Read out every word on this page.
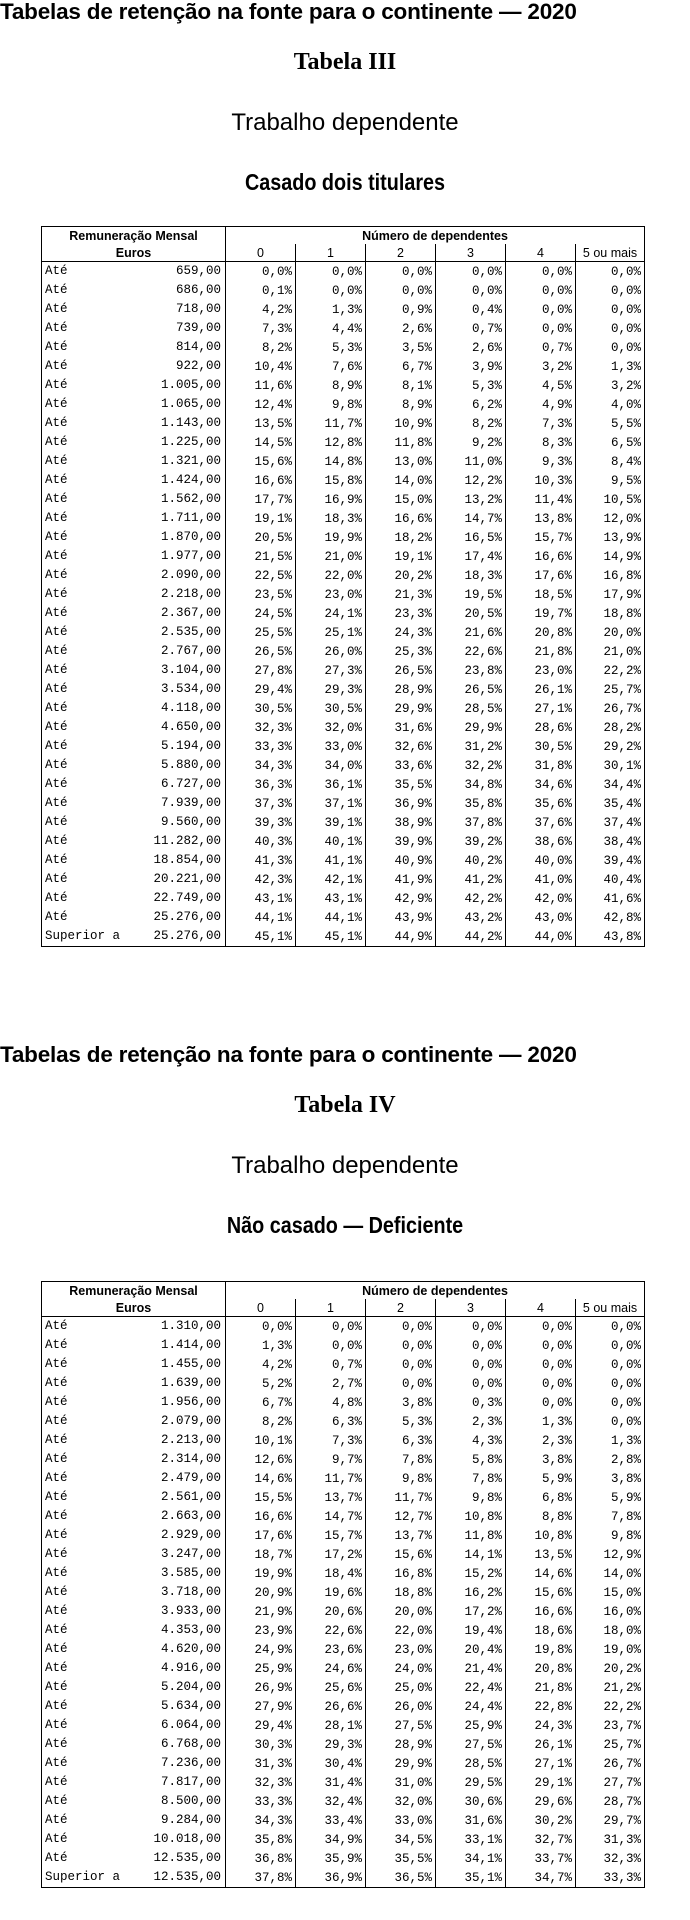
Tabelas de retenção na fonte para o continente — 2020
Tabela III
Trabalho dependente
Casado dois titulares
Remuneração Mensal	Número de dependentes					
Euros	0	1	2	3	4	5 ou mais

Até 659,00	0,0%	0,0%	0,0%	0,0%	0,0%	0,0%

Até 686,00	0,1%	0,0%	0,0%	0,0%	0,0%	0,0%

Até 718,00	4,2%	1,3%	0,9%	0,4%	0,0%	0,0%

Até 739,00	7,3%	4,4%	2,6%	0,7%	0,0%	0,0%

Até 814,00	8,2%	5,3%	3,5%	2,6%	0,7%	0,0%

Até 922,00	10,4%	7,6%	6,7%	3,9%	3,2%	1,3%

Até 1.005,00	11,6%	8,9%	8,1%	5,3%	4,5%	3,2%

Até 1.065,00	12,4%	9,8%	8,9%	6,2%	4,9%	4,0%

Até 1.143,00	13,5%	11,7%	10,9%	8,2%	7,3%	5,5%

Até 1.225,00	14,5%	12,8%	11,8%	9,2%	8,3%	6,5%

Até 1.321,00	15,6%	14,8%	13,0%	11,0%	9,3%	8,4%

Até 1.424,00	16,6%	15,8%	14,0%	12,2%	10,3%	9,5%

Até 1.562,00	17,7%	16,9%	15,0%	13,2%	11,4%	10,5%

Até 1.711,00	19,1%	18,3%	16,6%	14,7%	13,8%	12,0%

Até 1.870,00	20,5%	19,9%	18,2%	16,5%	15,7%	13,9%

Até 1.977,00	21,5%	21,0%	19,1%	17,4%	16,6%	14,9%

Até 2.090,00	22,5%	22,0%	20,2%	18,3%	17,6%	16,8%

Até 2.218,00	23,5%	23,0%	21,3%	19,5%	18,5%	17,9%

Até 2.367,00	24,5%	24,1%	23,3%	20,5%	19,7%	18,8%

Até 2.535,00	25,5%	25,1%	24,3%	21,6%	20,8%	20,0%

Até 2.767,00	26,5%	26,0%	25,3%	22,6%	21,8%	21,0%

Até 3.104,00	27,8%	27,3%	26,5%	23,8%	23,0%	22,2%

Até 3.534,00	29,4%	29,3%	28,9%	26,5%	26,1%	25,7%

Até 4.118,00	30,5%	30,5%	29,9%	28,5%	27,1%	26,7%

Até 4.650,00	32,3%	32,0%	31,6%	29,9%	28,6%	28,2%

Até 5.194,00	33,3%	33,0%	32,6%	31,2%	30,5%	29,2%

Até 5.880,00	34,3%	34,0%	33,6%	32,2%	31,8%	30,1%

Até 6.727,00	36,3%	36,1%	35,5%	34,8%	34,6%	34,4%

Até 7.939,00	37,3%	37,1%	36,9%	35,8%	35,6%	35,4%

Até 9.560,00	39,3%	39,1%	38,9%	37,8%	37,6%	37,4%

Até 11.282,00	40,3%	40,1%	39,9%	39,2%	38,6%	38,4%

Até 18.854,00	41,3%	41,1%	40,9%	40,2%	40,0%	39,4%

Até 20.221,00	42,3%	42,1%	41,9%	41,2%	41,0%	40,4%

Até 22.749,00	43,1%	43,1%	42,9%	42,2%	42,0%	41,6%

Até 25.276,00	44,1%	44,1%	43,9%	43,2%	43,0%	42,8%

Superior a 25.276,00	45,1%	45,1%	44,9%	44,2%	44,0%	43,8%
Tabelas de retenção na fonte para o continente — 2020
Tabela IV
Trabalho dependente
Não casado — Deficiente
Remuneração Mensal	Número de dependentes					
Euros	0	1	2	3	4	5 ou mais

Até 1.310,00	0,0%	0,0%	0,0%	0,0%	0,0%	0,0%

Até 1.414,00	1,3%	0,0%	0,0%	0,0%	0,0%	0,0%

Até 1.455,00	4,2%	0,7%	0,0%	0,0%	0,0%	0,0%

Até 1.639,00	5,2%	2,7%	0,0%	0,0%	0,0%	0,0%

Até 1.956,00	6,7%	4,8%	3,8%	0,3%	0,0%	0,0%

Até 2.079,00	8,2%	6,3%	5,3%	2,3%	1,3%	0,0%

Até 2.213,00	10,1%	7,3%	6,3%	4,3%	2,3%	1,3%

Até 2.314,00	12,6%	9,7%	7,8%	5,8%	3,8%	2,8%

Até 2.479,00	14,6%	11,7%	9,8%	7,8%	5,9%	3,8%

Até 2.561,00	15,5%	13,7%	11,7%	9,8%	6,8%	5,9%

Até 2.663,00	16,6%	14,7%	12,7%	10,8%	8,8%	7,8%

Até 2.929,00	17,6%	15,7%	13,7%	11,8%	10,8%	9,8%

Até 3.247,00	18,7%	17,2%	15,6%	14,1%	13,5%	12,9%

Até 3.585,00	19,9%	18,4%	16,8%	15,2%	14,6%	14,0%

Até 3.718,00	20,9%	19,6%	18,8%	16,2%	15,6%	15,0%

Até 3.933,00	21,9%	20,6%	20,0%	17,2%	16,6%	16,0%

Até 4.353,00	23,9%	22,6%	22,0%	19,4%	18,6%	18,0%

Até 4.620,00	24,9%	23,6%	23,0%	20,4%	19,8%	19,0%

Até 4.916,00	25,9%	24,6%	24,0%	21,4%	20,8%	20,2%

Até 5.204,00	26,9%	25,6%	25,0%	22,4%	21,8%	21,2%

Até 5.634,00	27,9%	26,6%	26,0%	24,4%	22,8%	22,2%

Até 6.064,00	29,4%	28,1%	27,5%	25,9%	24,3%	23,7%

Até 6.768,00	30,3%	29,3%	28,9%	27,5%	26,1%	25,7%

Até 7.236,00	31,3%	30,4%	29,9%	28,5%	27,1%	26,7%

Até 7.817,00	32,3%	31,4%	31,0%	29,5%	29,1%	27,7%

Até 8.500,00	33,3%	32,4%	32,0%	30,6%	29,6%	28,7%

Até 9.284,00	34,3%	33,4%	33,0%	31,6%	30,2%	29,7%

Até 10.018,00	35,8%	34,9%	34,5%	33,1%	32,7%	31,3%

Até 12.535,00	36,8%	35,9%	35,5%	34,1%	33,7%	32,3%

Superior a 12.535,00	37,8%	36,9%	36,5%	35,1%	34,7%	33,3%
